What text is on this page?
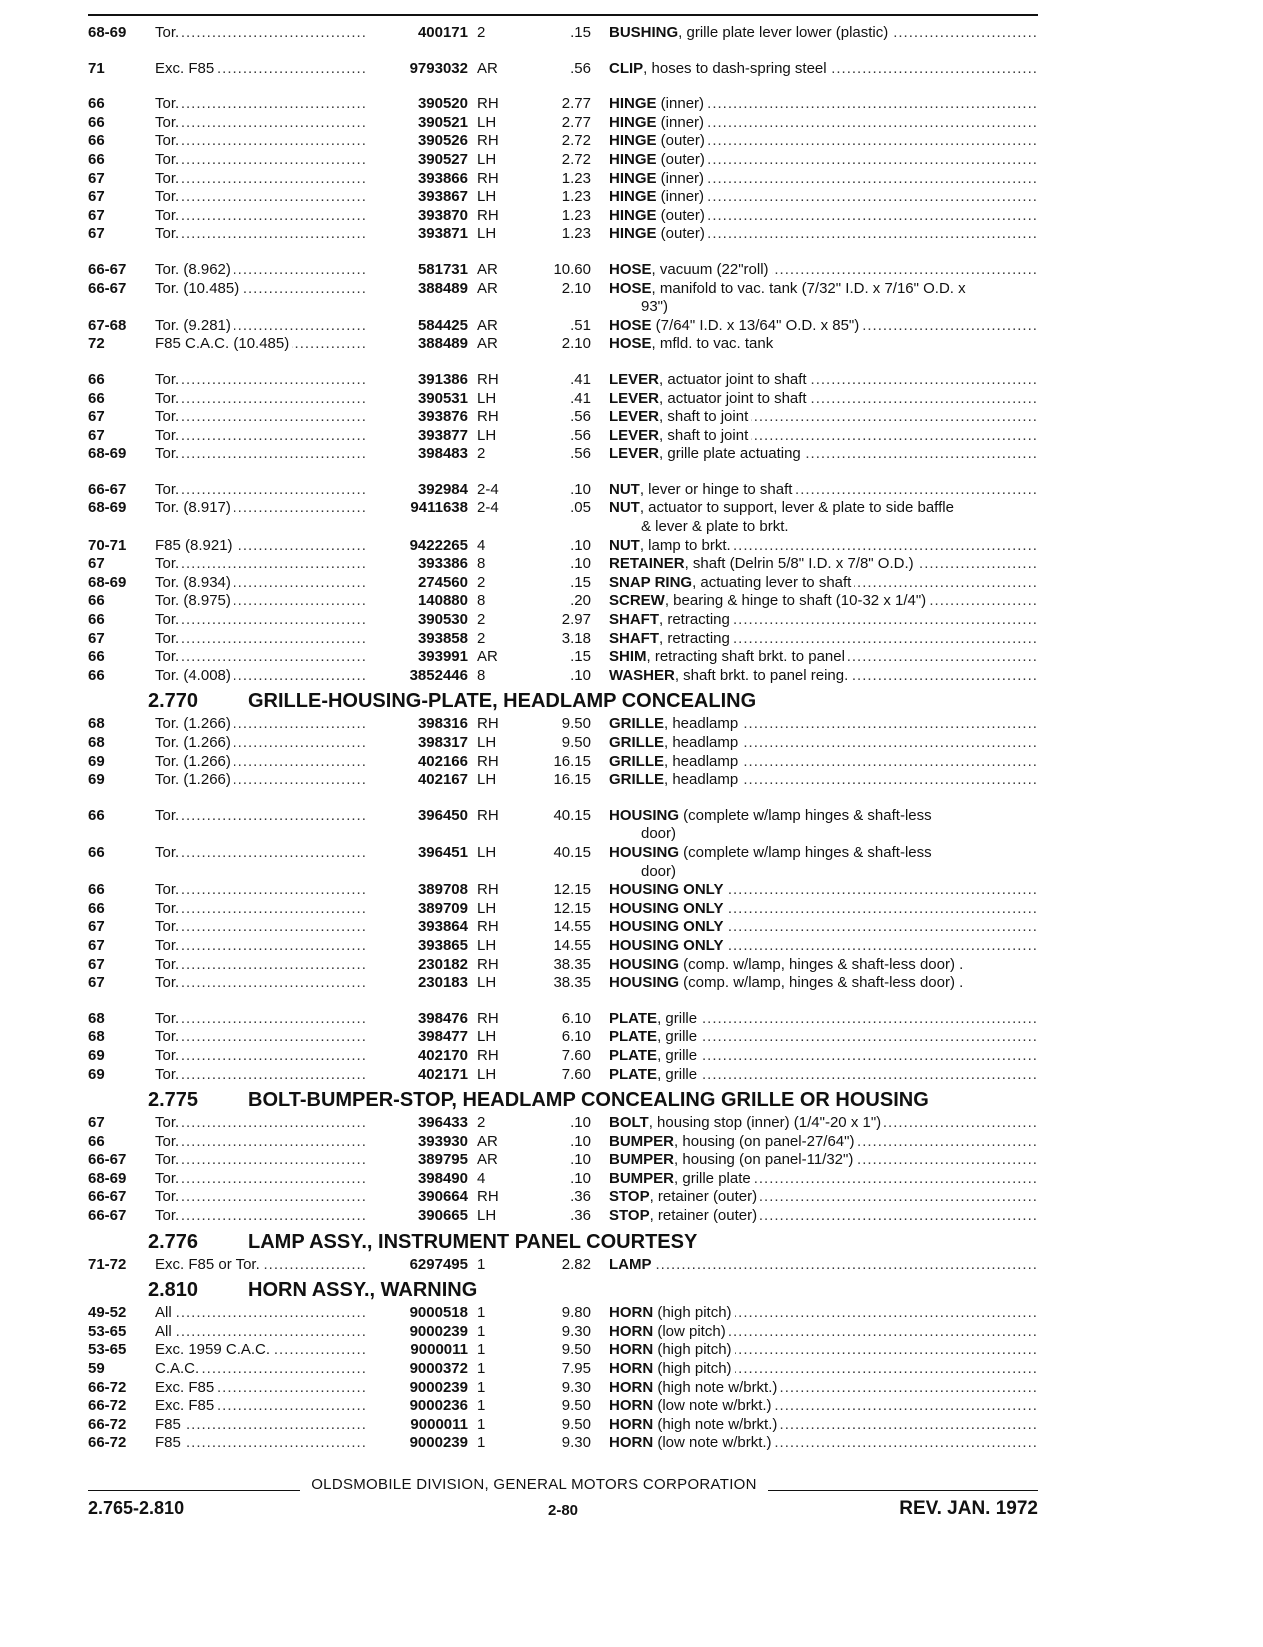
68-69	Tor. .....	400171 2	.15 BUSHING, grille plate lever lower (plastic) .....
71	Exc. F85 .....	9793032 AR	.56 CLIP, hoses to dash-spring steel .....
66	Tor. .....	390520 RH	2.77 HINGE (inner) .....
66	Tor. .....	390521 LH	2.77 HINGE (inner) .....
66	Tor. .....	390526 RH	2.72 HINGE (outer) .....
66	Tor. .....	390527 LH	2.72 HINGE (outer) .....
67	Tor. .....	393866 RH	1.23 HINGE (inner) .....
67	Tor. .....	393867 LH	1.23 HINGE (inner) .....
67	Tor. .....	393870 RH	1.23 HINGE (outer) .....
67	Tor. .....	393871 LH	1.23 HINGE (outer) .....
66-67	Tor. (8.962) .....	581731 AR	10.60 HOSE, vacuum (22"roll) .....
66-67	Tor. (10.485) .....	388489 AR	2.10 HOSE, manifold to vac. tank (7/32" I.D. x 7/16" O.D. x
93")
67-68	Tor. (9.281) .....	584425 AR	.51 HOSE (7/64" I.D. x 13/64" O.D. x 85") .....
72	F85 C.A.C. (10.485) .....	388489 AR	2.10 HOSE, mfld. to vac. tank
66	Tor. .....	391386 RH	.41 LEVER, actuator joint to shaft .....
66	Tor. .....	390531 LH	.41 LEVER, actuator joint to shaft .....
67	Tor. .....	393876 RH	.56 LEVER, shaft to joint .....
67	Tor. .....	393877 LH	.56 LEVER, shaft to joint .....
68-69	Tor. .....	398483 2	.56 LEVER, grille plate actuating .....
66-67	Tor. .....	392984 2-4	.10 NUT, lever or hinge to shaft .....
68-69	Tor. (8.917) .....	9411638 2-4	.05 NUT, actuator to support, lever & plate to side baffle
& lever & plate to brkt.
70-71	F85 (8.921) .....	9422265 4	.10 NUT, lamp to brkt. .....
67	Tor. .....	393386 8	.10 RETAINER, shaft (Delrin 5/8" I.D. x 7/8" O.D.) .....
68-69	Tor. (8.934) .....	274560 2	.15 SNAP RING, actuating lever to shaft .....
66	Tor. (8.975) .....	140880 8	.20 SCREW, bearing & hinge to shaft (10-32 x 1/4") .....
66	Tor. .....	390530 2	2.97 SHAFT, retracting .....
67	Tor. .....	393858 2	3.18 SHAFT, retracting .....
66	Tor. .....	393991 AR	.15 SHIM, retracting shaft brkt. to panel .....
66	Tor. (4.008) .....	3852446 8	.10 WASHER, shaft brkt. to panel reing. .....
2.770 GRILLE-HOUSING-PLATE, HEADLAMP CONCEALING
68	Tor. (1.266) .....	398316 RH	9.50 GRILLE, headlamp .....
68	Tor. (1.266) .....	398317 LH	9.50 GRILLE, headlamp .....
69	Tor. (1.266) .....	402166 RH	16.15 GRILLE, headlamp .....
69	Tor. (1.266) .....	402167 LH	16.15 GRILLE, headlamp .....
66	Tor. .....	396450 RH	40.15 HOUSING (complete w/lamp hinges & shaft-less
door)
66	Tor. .....	396451 LH	40.15 HOUSING (complete w/lamp hinges & shaft-less
door)
66	Tor. .....	389708 RH	12.15 HOUSING ONLY .....
66	Tor. .....	389709 LH	12.15 HOUSING ONLY .....
67	Tor. .....	393864 RH	14.55 HOUSING ONLY .....
67	Tor. .....	393865 LH	14.55 HOUSING ONLY .....
67	Tor. .....	230182 RH	38.35 HOUSING (comp. w/lamp, hinges & shaft-less door) .
67	Tor. .....	230183 LH	38.35 HOUSING (comp. w/lamp, hinges & shaft-less door) .
68	Tor. .....	398476 RH	6.10 PLATE, grille .....
68	Tor. .....	398477 LH	6.10 PLATE, grille .....
69	Tor. .....	402170 RH	7.60 PLATE, grille .....
69	Tor. .....	402171 LH	7.60 PLATE, grille .....
2.775 BOLT-BUMPER-STOP, HEADLAMP CONCEALING GRILLE OR HOUSING
67	Tor. .....	396433 2	.10 BOLT, housing stop (inner) (1/4"-20 x 1") .....
66	Tor. .....	393930 AR	.10 BUMPER, housing (on panel-27/64") .....
66-67	Tor. .....	389795 AR	.10 BUMPER, housing (on panel-11/32") .....
68-69	Tor. .....	398490 4	.10 BUMPER, grille plate .....
66-67	Tor. .....	390664 RH	.36 STOP, retainer (outer) .....
66-67	Tor. .....	390665 LH	.36 STOP, retainer (outer) .....
2.776 LAMP ASSY., INSTRUMENT PANEL COURTESY
71-72	Exc. F85 or Tor. .....	6297495 1	2.82 LAMP .....
2.810 HORN ASSY., WARNING
49-52	All .....	9000518 1	9.80 HORN (high pitch) .....
53-65	All .....	9000239 1	9.30 HORN (low pitch) .....
53-65	Exc. 1959 C.A.C. .....	9000011 1	9.50 HORN (high pitch) .....
59	C.A.C. .....	9000372 1	7.95 HORN (high pitch) .....
66-72	Exc. F85 .....	9000239 1	9.30 HORN (high note w/brkt.) .....
66-72	Exc. F85 .....	9000236 1	9.50 HORN (low note w/brkt.) .....
66-72	F85 .....	9000011 1	9.50 HORN (high note w/brkt.) .....
66-72	F85 .....	9000239 1	9.30 HORN (low note w/brkt.) .....
OLDSMOBILE DIVISION, GENERAL MOTORS CORPORATION
2.765-2.810	2-80	REV. JAN. 1972
